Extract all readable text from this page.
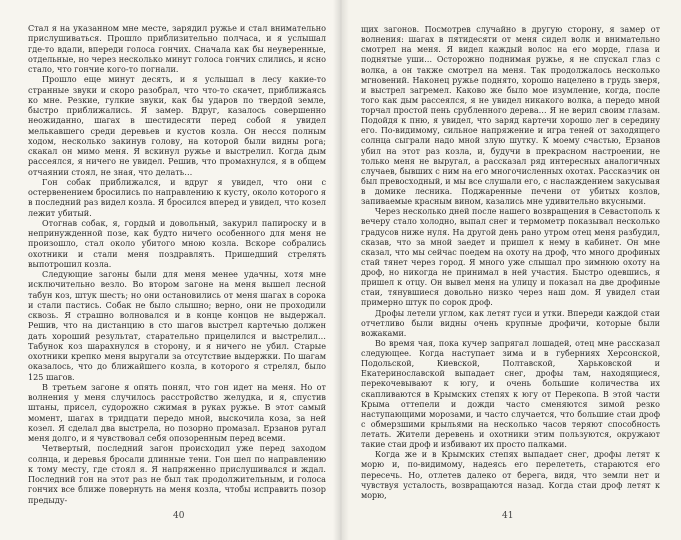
Стал я на указанном мне месте, зарядил ружье и стал внимательно прислушиваться. Прошло приблизительно полчаса, и я услышал где-то вдали, впереди голоса гончих. Сначала как бы неуверенные, отдельные, но через несколько минут голоса гончих слились, и ясно стало, что гончие кого-то погнали.

Прошло еще минут десять, и я услышал в лесу какие-то странные звуки и скоро разобрал, что что-то скачет, приближаясь ко мне. Резкие, гулкие звуки, как бы ударов по твердой земле, быстро приближались. Я замер. Вдруг, казалось совершенно неожиданно, шагах в шестидесяти перед собой я увидел мелькавшего среди деревьев и кустов козла. Он несся полным ходом, несколько закинув голову, на которой были видны рога; скакал он мимо меня. Я вскинул ружье и выстрелил. Когда дым рассеялся, я ничего не увидел. Решив, что промахнулся, я в общем отчаянии стоял, не зная, что делать…

Гон собак приближался, и вдруг я увидел, что они с остервенением бросились по направлению к кусту, около которого я в последний раз видел козла. Я бросился вперед и увидел, что козел лежит убитый.

Отогнав собак, я, гордый и довольный, закурил папироску и в непринужденной позе, как будто ничего особенного для меня не произошло, стал около убитого мною козла. Вскоре собрались охотники и стали меня поздравлять. Пришедший стрелять выпотрошил козла.

Следующие загоны были для меня менее удачны, хотя мне исключительно везло. Во втором загоне на меня вышел лесной табун коз, штук шесть; но они остановились от меня шагах в сорока и стали пастись. Собак не было слышно; верно, они не проходили сквозь. Я страшно волновался и в конце концов не выдержал. Решив, что на дистанцию в сто шагов выстрел картечью должен дать хороший результат, старательно прицелился и выстрелил… Табунок коз шарахнулся в сторону, и я ничего не убил. Старые охотники крепко меня выругали за отсутствие выдержки. По шагам оказалось, что до ближайшего козла, в которого я стрелял, было 125 шагов.

В третьем загоне я опять понял, что гон идет на меня. Но от волнения у меня случилось расстройство желудка, и я, спустив штаны, присел, судорожно сжимая в руках ружье. В этот самый момент, шагах в тридцати передо мной, выскочила коза, за ней козел. Я сделал два выстрела, но позорно промазал. Ерзанов ругал меня долго, и я чувствовал себя опозоренным перед всеми.

Четвертый, последний загон происходил уже перед заходом солнца, и деревья бросали длинные тени. Гон шел по направлению к тому месту, где стоял я. Я напряженно прислушивался и ждал. Последний гон на этот раз не был так продолжительным, и голоса гончих все ближе повернуть на меня козла, чтобы исправить позор предыду-

40

щих загонов. Посмотрев случайно в другую сторону, я замер от волнения: шагах в пятидесяти от меня сидел волк и внимательно смотрел на меня. Я видел каждый волос на его морде, глаза и поднятые уши… Осторожно поднимая ружье, я не спускал глаз с волка, а он также смотрел на меня. Так продолжалось несколько мгновений. Наконец ружье поднято, хорошо нацелено в грудь зверя, и выстрел загремел. Каково же было мое изумление, когда, после того как дым рассеялся, я не увидел никакого волка, а передо мной торчал простой пень срубленного дерева… Я не верил своим глазам. Подойдя к пню, я увидел, что заряд картечи хорошо лег в середину его. По-видимому, сильное напряжение и игра теней от заходящего солнца сыграли надо мной злую шутку. К моему счастью, Ерзанов убил на этот раз козла, и, будучи в прекрасном настроении, не только меня не выругал, а рассказал ряд интересных аналогичных случаев, бывших с ним на его многочисленных охотах. Рассказчик он был превосходный, и мы все слушали его, с наслаждением закусывая в домике лесника. Поджаренные печени от убитых козлов, запиваемые красным вином, казались мне удивительно вкусными.

Через несколько дней после нашего возвращения в Севастополь к вечеру стало холодно, выпал снег и термометр показывал несколько градусов ниже нуля. На другой день рано утром отец меня разбудил, сказав, что за мной заедет и пришел к нему в кабинет. Он мне сказал, что мы сейчас поедем на охоту на дроф, что много дрофиных стай тянет через город. Я много уже слышал про зимнюю охоту на дроф, но никогда не принимал в ней участия. Быстро одевшись, я пришел к отцу. Он вывел меня на улицу и показал на две дрофиные стаи, тянувшиеся довольно низко через наш дом. Я увидел стаи примерно штук по сорок дроф.

Дрофы летели углом, как летят гуси и утки. Впереди каждой стаи отчетливо были видны очень крупные дрофичи, которые были вожаками.

Во время чая, пока кучер запрягал лошадей, отец мне рассказал следующее. Когда наступает зима и в губерниях Херсонской, Подольской, Киевской, Полтавской, Харьковской и Екатеринославской выпадает снег, дрофы там, находящиеся, перекочевывают к югу, и очень большие количества их скапливаются в Крымских степях к югу от Перекопа. В этой части Крыма оттепели и дожди часто сменяются зимой резко наступающими морозами, и часто случается, что большие стаи дроф с обмерзшими крыльями на несколько часов теряют способность летать. Жители деревень и охотники этим пользуются, окружают такие стаи дроф и избивают их просто палками.

Когда же и в Крымских степях выпадает снег, дрофы летят к морю и, по-видимому, надеясь его перелететь, стараются его пересечь. Но, отлетев далеко от берега, видя, что земли нет и чувствуя усталость, возвращаются назад. Когда стаи дроф летят к морю,

41
